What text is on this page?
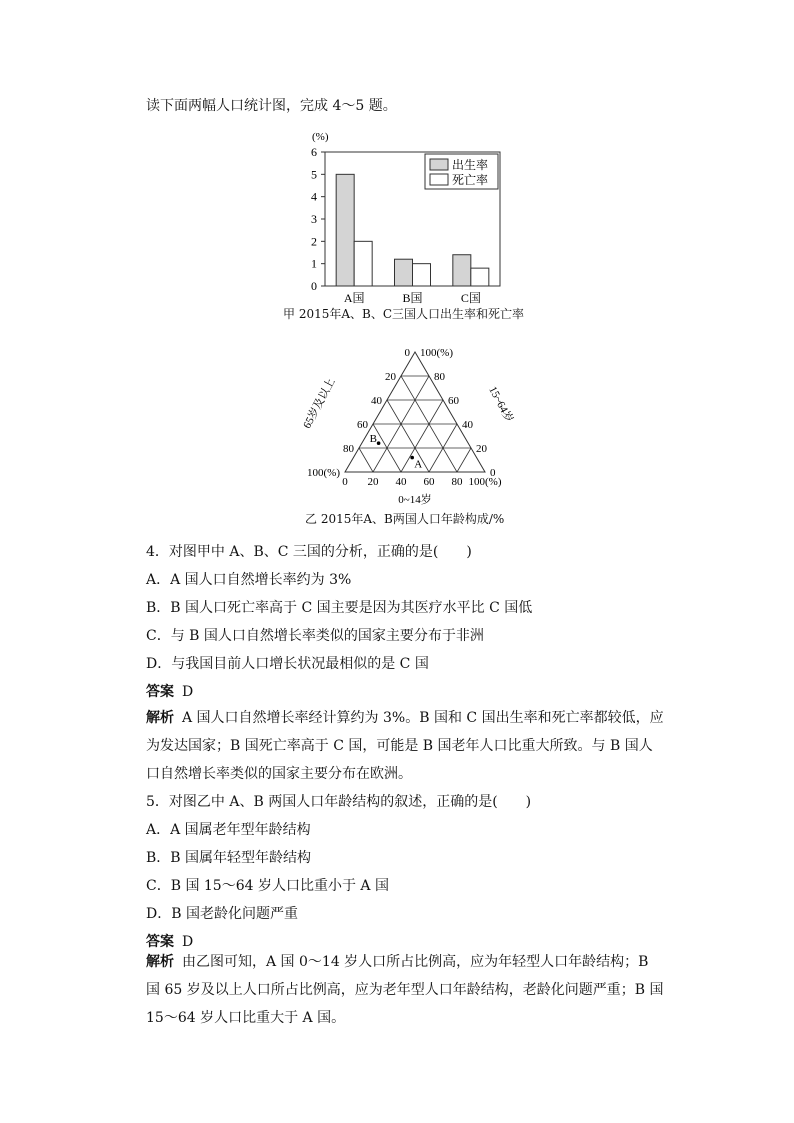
读下面两幅人口统计图，完成 4～5 题。
(%)
0
1
2
3
4
5
6
A国	B国	C国
出生率
死亡率
甲 2015年A、B、C三国人口出生率和死亡率
0 20 40 60 80 100(%)
0
20
40
60
80
100(%)
100(%)
80
60
40
20
0
0~14岁
65岁及以上	15~64岁
B
A
乙 2015年A、B两国人口年龄构成/%
4．对图甲中 A、B、C 三国的分析，正确的是(　　)
A．A 国人口自然增长率约为 3%
B．B 国人口死亡率高于 C 国主要是因为其医疗水平比 C 国低
C．与 B 国人口自然增长率类似的国家主要分布于非洲
D．与我国目前人口增长状况最相似的是 C 国
答案 D
解析 A 国人口自然增长率经计算约为 3%。B 国和 C 国出生率和死亡率都较低，应为发达国家；B 国死亡率高于 C 国，可能是 B 国老年人口比重大所致。与 B 国人口自然增长率类似的国家主要分布在欧洲。
5．对图乙中 A、B 两国人口年龄结构的叙述，正确的是(　　)
A．A 国属老年型年龄结构
B．B 国属年轻型年龄结构
C．B 国 15～64 岁人口比重小于 A 国
D．B 国老龄化问题严重
答案 D
解析 由乙图可知，A 国 0～14 岁人口所占比例高，应为年轻型人口年龄结构；B 国 65 岁及以上人口所占比例高，应为老年型人口年龄结构，老龄化问题严重；B 国 15～64 岁人口比重大于 A 国。
